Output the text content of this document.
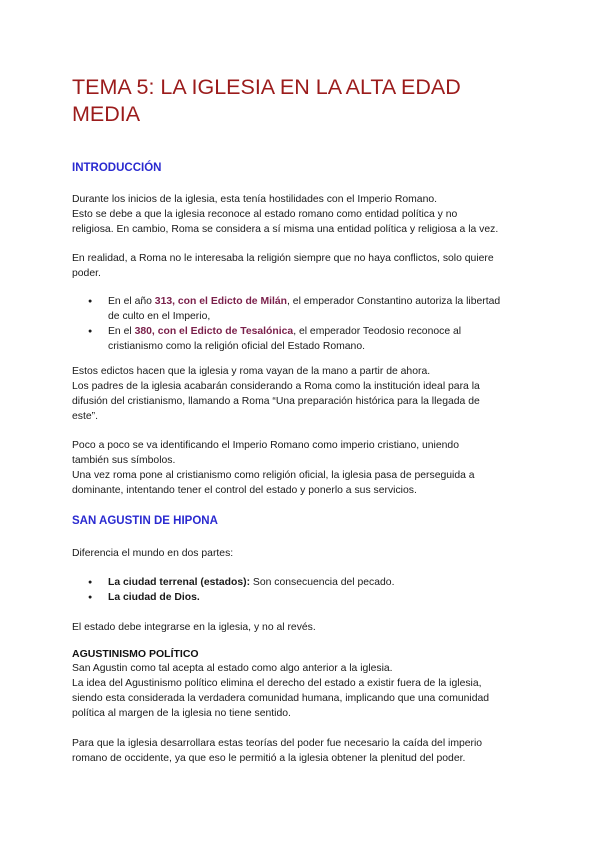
TEMA 5: LA IGLESIA EN LA ALTA EDAD
MEDIA
INTRODUCCIÓN

Durante los inicios de la iglesia, esta tenía hostilidades con el Imperio Romano.
Esto se debe a que la iglesia reconoce al estado romano como entidad política y no
religiosa. En cambio, Roma se considera a sí misma una entidad política y religiosa a la vez.

En realidad, a Roma no le interesaba la religión siempre que no haya conflictos, solo quiere
poder.

● En el año 313, con el Edicto de Milán, el emperador Constantino autoriza la libertad
de culto en el Imperio,
● En el 380, con el Edicto de Tesalónica, el emperador Teodosio reconoce al
cristianismo como la religión oficial del Estado Romano.

Estos edictos hacen que la iglesia y roma vayan de la mano a partir de ahora.
Los padres de la iglesia acabarán considerando a Roma como la institución ideal para la
difusión del cristianismo, llamando a Roma “Una preparación histórica para la llegada de
este”.

Poco a poco se va identificando el Imperio Romano como imperio cristiano, uniendo
también sus símbolos.
Una vez roma pone al cristianismo como religión oficial, la iglesia pasa de perseguida a
dominante, intentando tener el control del estado y ponerlo a sus servicios.

SAN AGUSTIN DE HIPONA

Diferencia el mundo en dos partes:

● La ciudad terrenal (estados): Son consecuencia del pecado.
● La ciudad de Dios.

El estado debe integrarse en la iglesia, y no al revés.

AGUSTINISMO POLÍTICO

San Agustin como tal acepta al estado como algo anterior a la iglesia.
La idea del Agustinismo político elimina el derecho del estado a existir fuera de la iglesia,
siendo esta considerada la verdadera comunidad humana, implicando que una comunidad
política al margen de la iglesia no tiene sentido.

Para que la iglesia desarrollara estas teorías del poder fue necesario la caída del imperio
romano de occidente, ya que eso le permitió a la iglesia obtener la plenitud del poder.
